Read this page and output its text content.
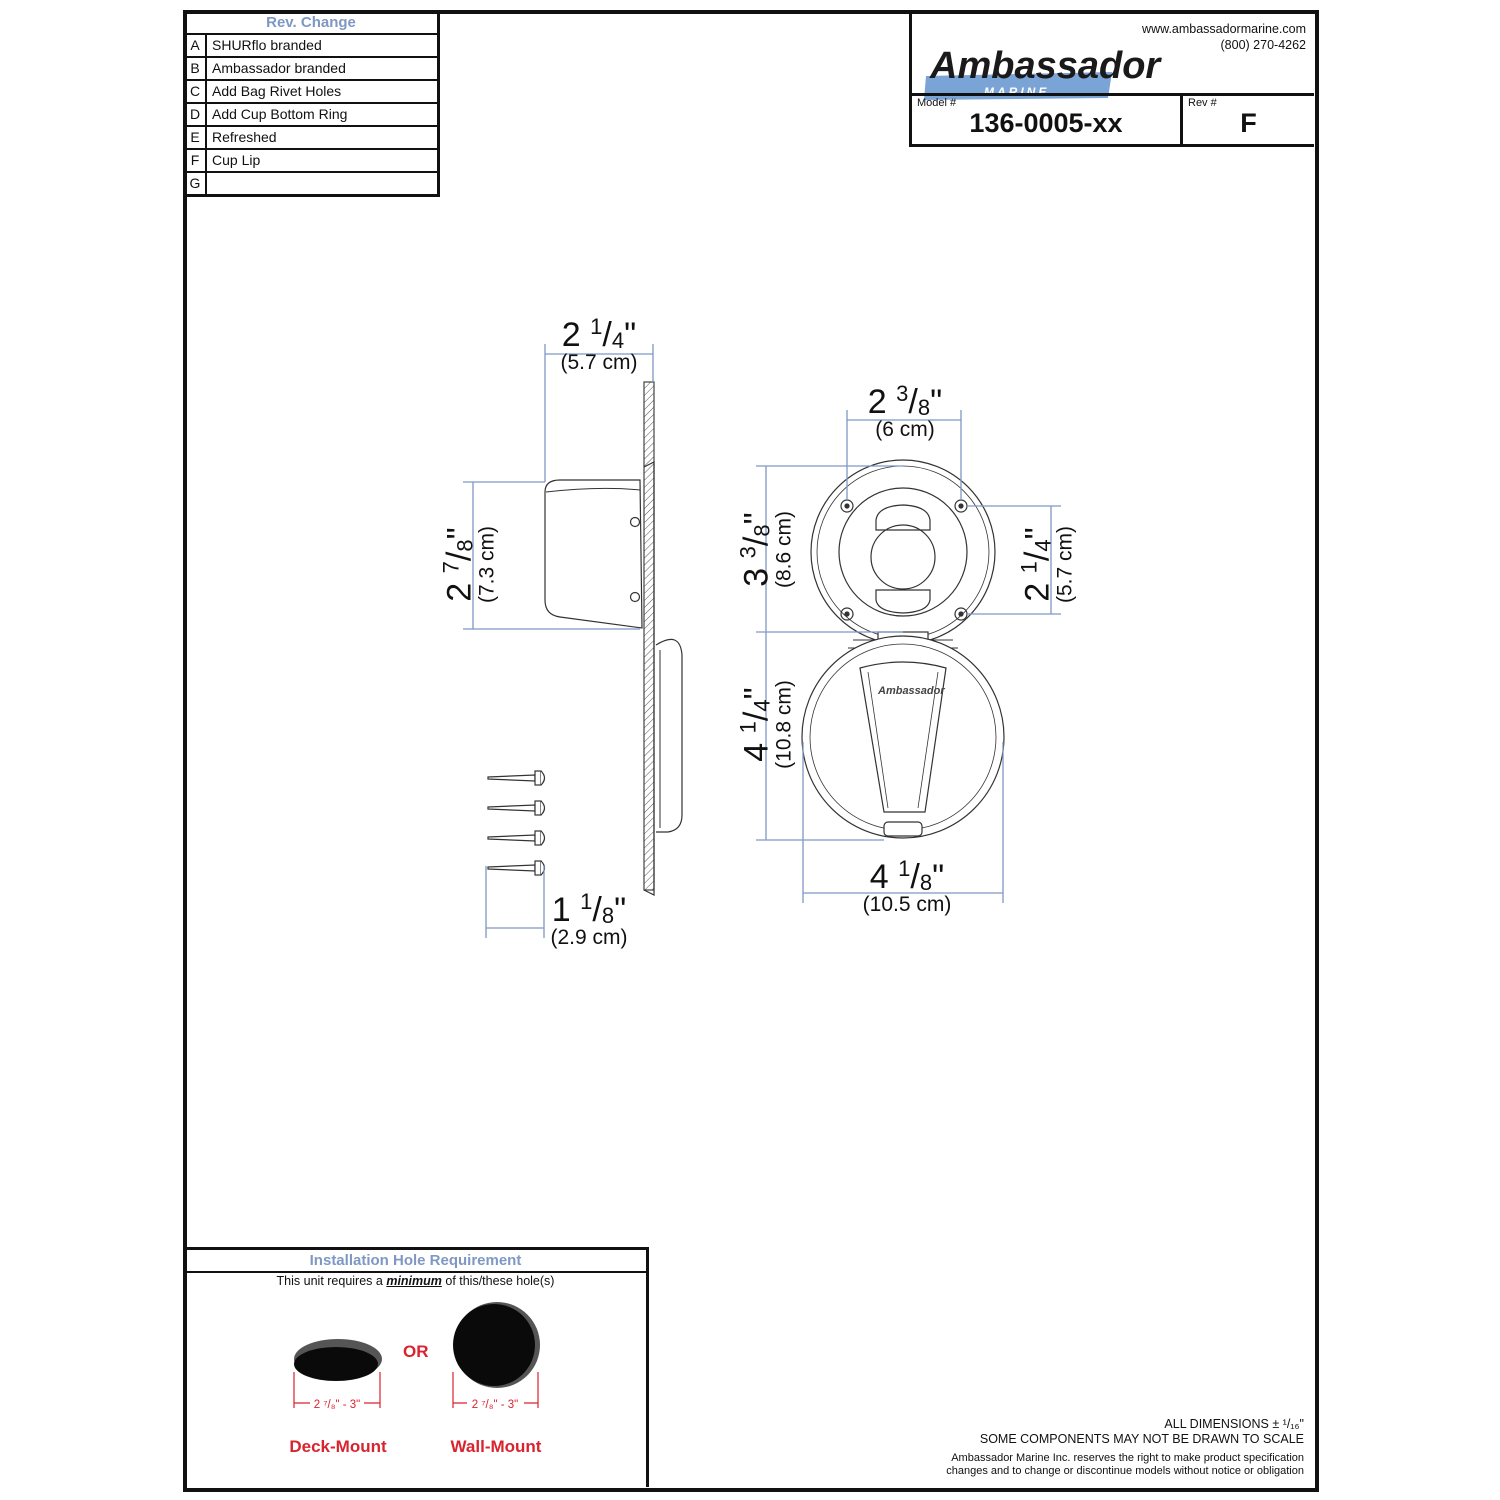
Rev. Change
A SHURflo branded
B Ambassador branded
C Add Bag Rivet Holes
D Add Cup Bottom Ring
E Refreshed
F Cup Lip
G
Ambassador
MARINE
www.ambassadormarine.com
(800) 270-4262
Model #
136-0005-xx
Rev #
F
Ambassador
2 $^1$/4"
(5.7 cm)
2 $^7$/8"
(7.3 cm)
1 $^1$/8"
(2.9 cm)
2 $^3$/8"
(6 cm)
3 $^3$/8"
(8.6 cm)
2 $^1$/4"
(5.7 cm)
4 $^1$/4"
(10.8 cm)
4 $^1$/8"
(10.5 cm)
Installation Hole Requirement
This unit requires a minimum of this/these hole(s)
OR
2 ⁷/₈" - 3"	2 ⁷/₈" - 3"
Deck-Mount	Wall-Mount
ALL DIMENSIONS ± ¹/₁₆"
SOME COMPONENTS MAY NOT BE DRAWN TO SCALE
Ambassador Marine Inc. reserves the right to make product specification
changes and to change or discontinue models without notice or obligation
